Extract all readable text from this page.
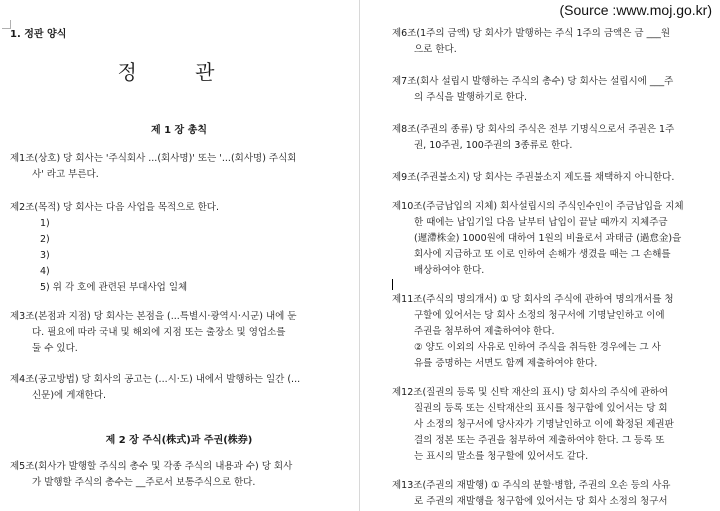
1. 정관 양식
정 관
제 1 장 총칙
제1조(상호) 당 회사는 '주식회사 ...(회사명)' 또는 '...(회사명) 주식회
사' 라고 부른다.
제2조(목적) 당 회사는 다음 사업을 목적으로 한다.
1)
2)
3)
4)
5) 위 각 호에 관련된 부대사업 일체
제3조(본점과 지점) 당 회사는 본점을 (...특별시·광역시·시군) 내에 둔
다. 필요에 따라 국내 및 해외에 지점 또는 출장소 및 영업소를
둘 수 있다.
제4조(공고방법) 당 회사의 공고는 (...시·도) 내에서 발행하는 일간 (...
신문)에 게재한다.
제 2 장 주식(株式)과 주권(株券)
제5조(회사가 발행할 주식의 총수 및 각종 주식의 내용과 수) 당 회사
가 발행할 주식의 총수는 __주로서 보통주식으로 한다.
제6조(1주의 금액) 당 회사가 발행하는 주식 1주의 금액은 금 ___원
으로 한다.
제7조(회사 설립시 발행하는 주식의 총수) 당 회사는 설립시에 ___주
의 주식을 발행하기로 한다.
제8조(주권의 종류) 당 회사의 주식은 전부 기명식으로서 주권은 1주
권, 10주권, 100주권의 3종류로 한다.
제9조(주권불소지) 당 회사는 주권불소지 제도를 채택하지 아니한다.
제10조(주금납입의 지체) 회사설립시의 주식인수인이 주금납입을 지체
한 때에는 납입기일 다음 날부터 납입이 끝날 때까지 지체주금
(遲滯株金) 1000원에 대하여 1원의 비율로서 과태금 (過怠金)을
회사에 지급하고 또 이로 인하여 손해가 생겼을 때는 그 손해를
배상하여야 한다.
제11조(주식의 명의개서) ① 당 회사의 주식에 관하여 명의개서를 청
구할에 있어서는 당 회사 소정의 청구서에 기명날인하고 이에
주권을 첨부하여 제출하여야 한다.
② 양도 이외의 사유로 인하여 주식을 취득한 경우에는 그 사
유를 증명하는 서면도 함께 제출하여야 한다.
제12조(질권의 등록 및 신탁 재산의 표시) 당 회사의 주식에 관하여
질권의 등록 또는 신탁재산의 표시를 청구함에 있어서는 당 회
사 소정의 청구서에 당사자가 기명날인하고 이에 확정된 제권판
결의 정본 또는 주권을 첨부하여 제출하여야 한다. 그 등록 또
는 표시의 말소를 청구할에 있어서도 같다.
제13조(주권의 재발행) ① 주식의 분할·병합, 주권의 오손 등의 사유
로 주권의 재발행을 청구함에 있어서는 당 회사 소정의 청구서
(Source :www.moj.go.kr)
